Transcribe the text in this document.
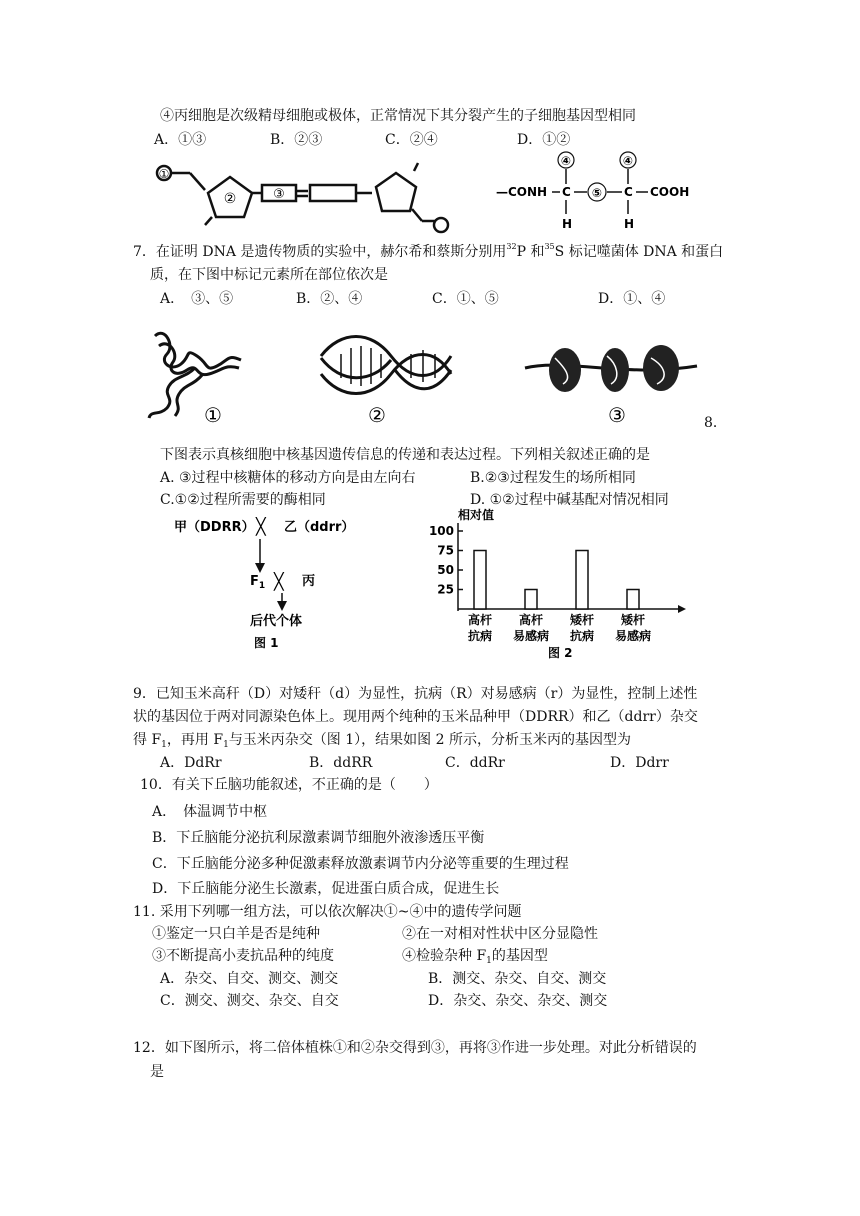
④丙细胞是次级精母细胞或极体，正常情况下其分裂产生的子细胞基因型相同
A．①③	B．②③	C．②④	D．①②
①
②	③
④	④
—CONH C ⑤ C COOH
H	H
7．在证明 DNA 是遗传物质的实验中，赫尔希和蔡斯分别用$^{32}$P 和$^{35}$S 标记噬菌体 DNA 和蛋白
质，在下图中标记元素所在部位依次是
A．　③、⑤	B．②、④	C．①、⑤	D．①、④
①	②	③	8．
下图表示真核细胞中核基因遗传信息的传递和表达过程。下列相关叙述正确的是
A. ③过程中核糖体的移动方向是由左向右	B.②③过程发生的场所相同
C.①②过程所需要的酶相同	D. ①②过程中碱基配对情况相同
甲（DDRR） ╳ 乙（ddrr）
$F_1$ ╳ 丙
后代个体
图 1
相对值
25
50
75
100
高杆
抗病
高杆
易感病
矮杆
抗病
矮杆
易感病
图 2
9．已知玉米高秆（D）对矮秆（d）为显性，抗病（R）对易感病（r）为显性，控制上述性
状的基因位于两对同源染色体上。现用两个纯种的玉米品种甲（DDRR）和乙（ddrr）杂交
得 $F_1$，再用 $F_1$与玉米丙杂交（图 1），结果如图 2 所示，分析玉米丙的基因型为
A．DdRr	B．ddRR	C．ddRr	D．Ddrr
10．有关下丘脑功能叙述，不正确的是（　　）
A．　体温调节中枢
B．下丘脑能分泌抗利尿激素调节细胞外液渗透压平衡
C．下丘脑能分泌多种促激素释放激素调节内分泌等重要的生理过程
D．下丘脑能分泌生长激素，促进蛋白质合成，促进生长
11. 采用下列哪一组方法，可以依次解决①~④中的遗传学问题
①鉴定一只白羊是否是纯种	②在一对相对性状中区分显隐性
③不断提高小麦抗品种的纯度	④检验杂种 $F_1$的基因型
A．杂交、自交、测交、测交	B．测交、杂交、自交、测交
C．测交、测交、杂交、自交	D．杂交、杂交、杂交、测交
12．如下图所示，将二倍体植株①和②杂交得到③，再将③作进一步处理。对此分析错误的
是
